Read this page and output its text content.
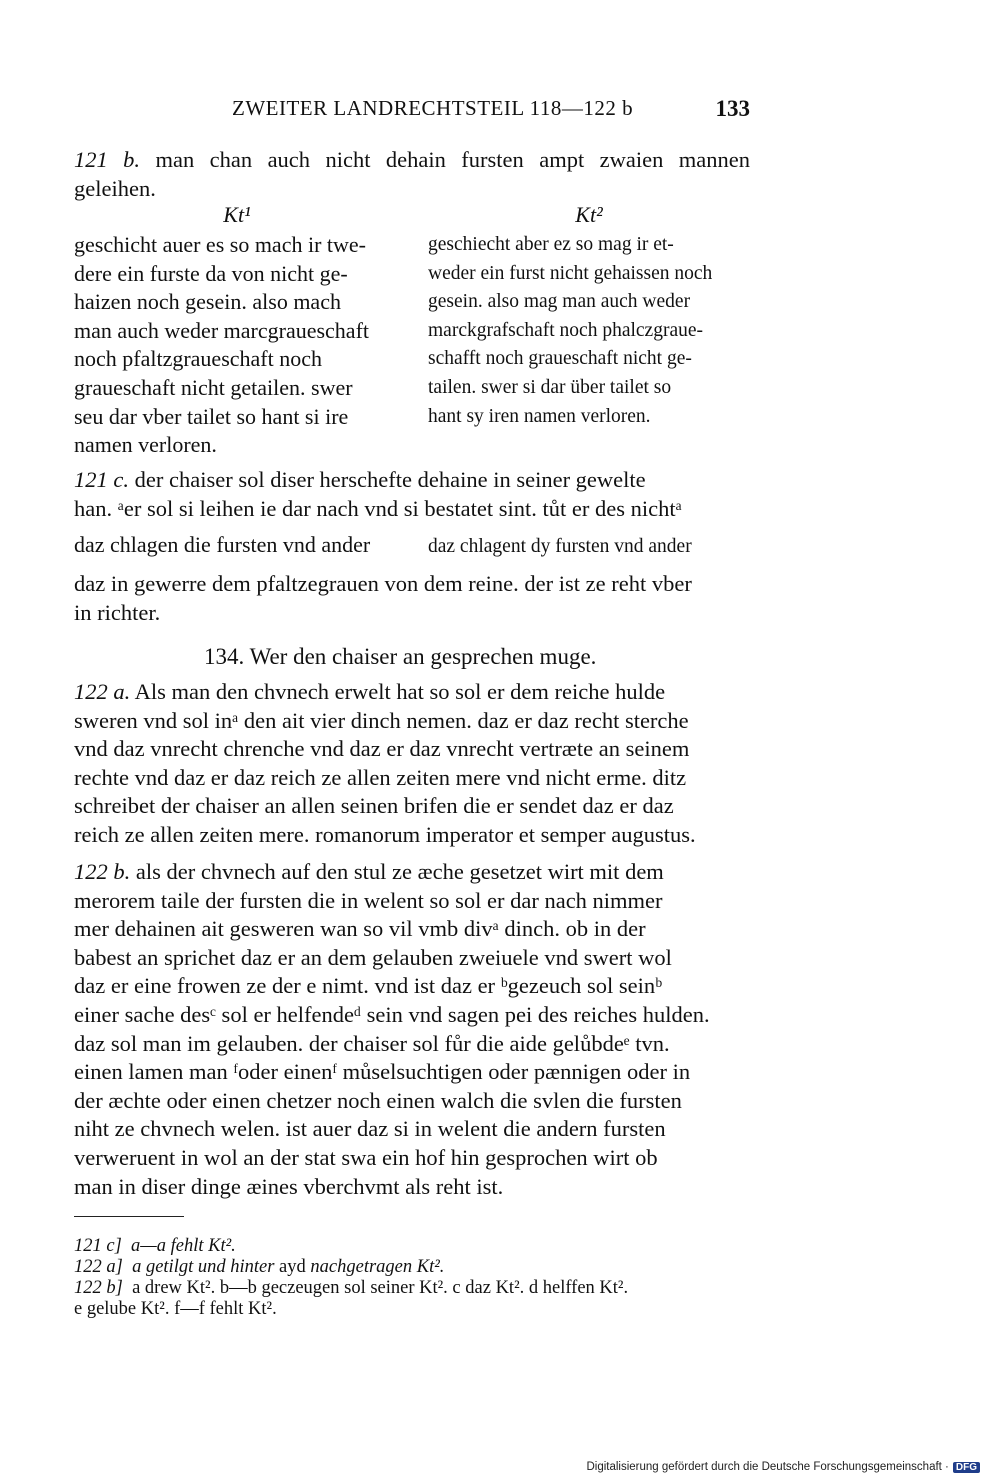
ZWEITER LANDRECHTSTEIL 118—122 b	133
121 b. man chan auch nicht dehain fursten ampt zwaien mannen
geleihen.
Kt¹
geschicht auer es so mach ir twe-
dere ein furste da von nicht ge-
haizen noch gesein. also mach
man auch weder marcgraueschaft
noch pfaltzgraueschaft noch
graueschaft nicht getailen. swer
seu dar vber tailet so hant si ire
namen verloren.
Kt²
geschiecht aber ez so mag ir et-
weder ein furst nicht gehaissen noch
gesein. also mag man auch weder
marckgrafschaft noch phalczgraue-
schafft noch graueschaft nicht ge-
tailen. swer si dar über tailet so
hant sy iren namen verloren.
121 c. der chaiser sol diser herschefte dehaine in seiner gewelte
han. ᵃer sol si leihen ie dar nach vnd si bestatet sint. tůt er des nichtᵃ
daz chlagen die fursten vnd ander	daz chlagent dy fursten vnd ander
daz in gewerre dem pfaltzegrauen von dem reine. der ist ze reht vber
in richter.
134. Wer den chaiser an gesprechen muge.
122 a. Als man den chvnech erwelt hat so sol er dem reiche hulde
sweren vnd sol inᵃ den ait vier dinch nemen. daz er daz recht sterche
vnd daz vnrecht chrenche vnd daz er daz vnrecht vertræte an seinem
rechte vnd daz er daz reich ze allen zeiten mere vnd nicht erme. ditz
schreibet der chaiser an allen seinen brifen die er sendet daz er daz
reich ze allen zeiten mere. romanorum imperator et semper augustus.
122 b. als der chvnech auf den stul ze æche gesetzet wirt mit dem
merorem taile der fursten die in welent so sol er dar nach nimmer
mer dehainen ait gesweren wan so vil vmb divᵃ dinch. ob in der
babest an sprichet daz er an dem gelauben zweiuele vnd swert wol
daz er eine frowen ze der e nimt. vnd ist daz er ᵇgezeuch sol seinᵇ
einer sache desᶜ sol er helfendeᵈ sein vnd sagen pei des reiches hulden.
daz sol man im gelauben. der chaiser sol fůr die aide gelůbdeᵉ tvn.
einen lamen man ᶠoder einenᶠ můselsuchtigen oder pænnigen oder in
der æchte oder einen chetzer noch einen walch die svlen die fursten
niht ze chvnech welen. ist auer daz si in welent die andern fursten
verweruent in wol an der stat swa ein hof hin gesprochen wirt ob
man in diser dinge æines vberchvmt als reht ist.
121 c] a—a fehlt Kt².
122 a] a getilgt und hinter ayd nachgetragen Kt².
122 b] a drew Kt². b—b geczeugen sol seiner Kt². c daz Kt². d helffen Kt².
e gelube Kt². f—f fehlt Kt².
Digitalisierung gefördert durch die Deutsche Forschungsgemeinschaft · DFG
